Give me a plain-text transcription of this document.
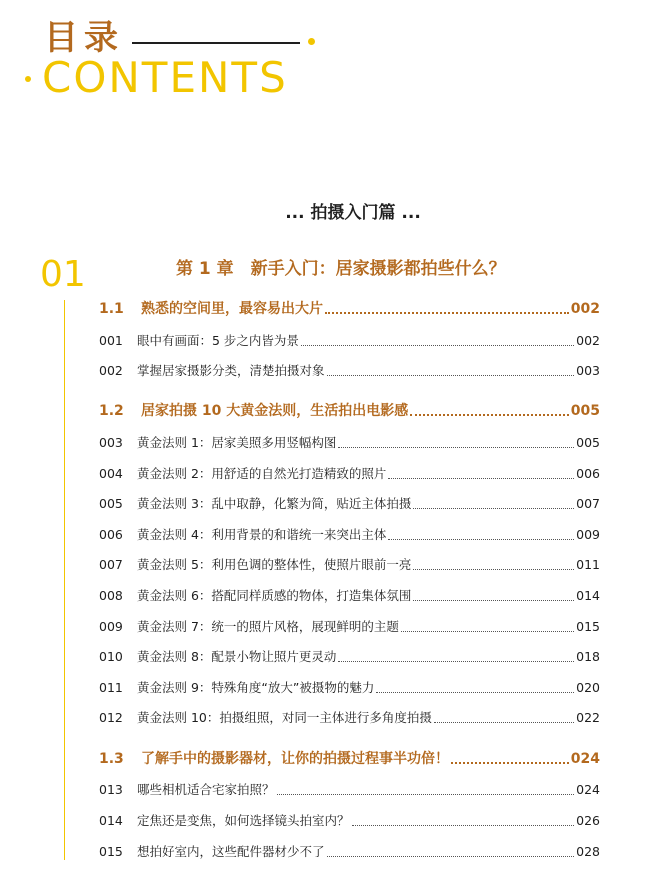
目录
CONTENTS
... 拍摄入门篇 ...
01	第 1 章　新手入门：居家摄影都拍些什么？
1.1	熟悉的空间里，最容易出大片	002
001	眼中有画面：5 步之内皆为景	002
002	掌握居家摄影分类，清楚拍摄对象	003
1.2	居家拍摄 10 大黄金法则，生活拍出电影感	005
003	黄金法则 1：居家美照多用竖幅构图	005
004	黄金法则 2：用舒适的自然光打造精致的照片	006
005	黄金法则 3：乱中取静，化繁为简，贴近主体拍摄	007
006	黄金法则 4：利用背景的和谐统一来突出主体	009
007	黄金法则 5：利用色调的整体性，使照片眼前一亮	011
008	黄金法则 6：搭配同样质感的物体，打造集体氛围	014
009	黄金法则 7：统一的照片风格，展现鲜明的主题	015
010	黄金法则 8：配景小物让照片更灵动	018
011	黄金法则 9：特殊角度“放大”被摄物的魅力	020
012	黄金法则 10：拍摄组照，对同一主体进行多角度拍摄	022
1.3	了解手中的摄影器材，让你的拍摄过程事半功倍！	024
013	哪些相机适合宅家拍照？	024
014	定焦还是变焦，如何选择镜头拍室内？	026
015	想拍好室内，这些配件器材少不了	028
